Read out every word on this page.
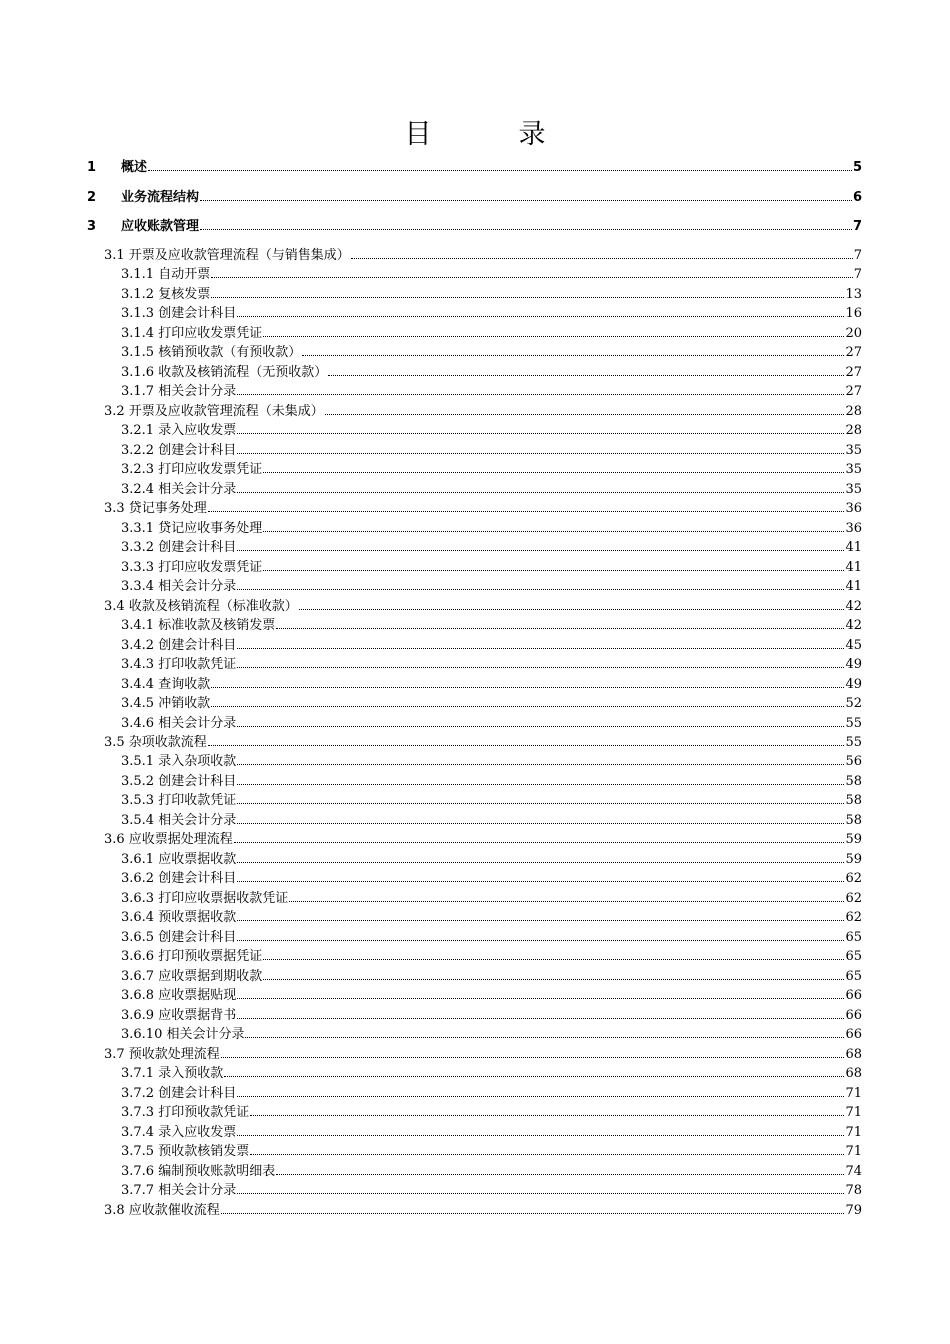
目　录
1	概述	5
2	业务流程结构	6
3	应收账款管理	7
3.1 开票及应收款管理流程（与销售集成）	7
3.1.1 自动开票	7
3.1.2 复核发票	13
3.1.3 创建会计科目	16
3.1.4 打印应收发票凭证	20
3.1.5 核销预收款（有预收款）	27
3.1.6 收款及核销流程（无预收款）	27
3.1.7 相关会计分录	27
3.2 开票及应收款管理流程（未集成）	28
3.2.1 录入应收发票	28
3.2.2 创建会计科目	35
3.2.3 打印应收发票凭证	35
3.2.4 相关会计分录	35
3.3 贷记事务处理	36
3.3.1 贷记应收事务处理	36
3.3.2 创建会计科目	41
3.3.3 打印应收发票凭证	41
3.3.4 相关会计分录	41
3.4 收款及核销流程（标准收款）	42
3.4.1 标准收款及核销发票	42
3.4.2 创建会计科目	45
3.4.3 打印收款凭证	49
3.4.4 查询收款	49
3.4.5 冲销收款	52
3.4.6 相关会计分录	55
3.5 杂项收款流程	55
3.5.1 录入杂项收款	56
3.5.2 创建会计科目	58
3.5.3 打印收款凭证	58
3.5.4 相关会计分录	58
3.6 应收票据处理流程	59
3.6.1 应收票据收款	59
3.6.2 创建会计科目	62
3.6.3 打印应收票据收款凭证	62
3.6.4 预收票据收款	62
3.6.5 创建会计科目	65
3.6.6 打印预收票据凭证	65
3.6.7 应收票据到期收款	65
3.6.8 应收票据贴现	66
3.6.9 应收票据背书	66
3.6.10 相关会计分录	66
3.7 预收款处理流程	68
3.7.1 录入预收款	68
3.7.2 创建会计科目	71
3.7.3 打印预收款凭证	71
3.7.4 录入应收发票	71
3.7.5 预收款核销发票	71
3.7.6 编制预收账款明细表	74
3.7.7 相关会计分录	78
3.8 应收款催收流程	79
